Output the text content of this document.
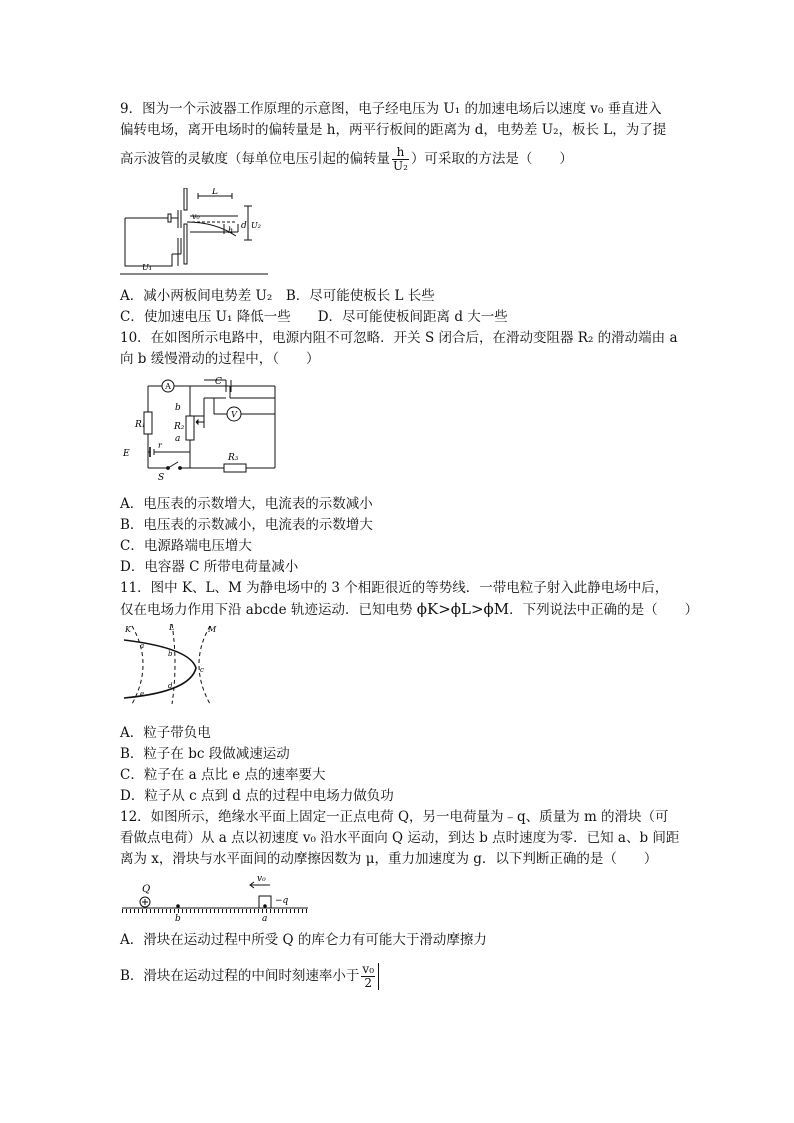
9．图为一个示波器工作原理的示意图，电子经电压为 U₁ 的加速电场后以速度 v₀ 垂直进入
偏转电场，离开电场时的偏转量是 h，两平行板间的距离为 d，电势差 U₂，板长 L，为了提
高示波管的灵敏度（每单位电压引起的偏转量 $\frac{h}{\text{U₂}}$ ）可采取的方法是（　　）
L
v₀
h d U₂
U₁
A．减小两板间电势差 U₂　 B．尽可能使板长 L 长些
C．使加速电压 U₁ 降低一些　　 D．尽可能使板间距离 d 大一些
10．在如图所示电路中，电源内阻不可忽略．开关 S 闭合后，在滑动变阻器 R₂ 的滑动端由 a
向 b 缓慢滑动的过程中，（　　）
A	C
V
b
R₁	R₂
a
E
r
R₃
S
A．电压表的示数增大，电流表的示数减小
B．电压表的示数减小，电流表的示数增大
C．电源路端电压增大
D．电容器 C 所带电荷量减小
11．图中 K、L、M 为静电场中的 3 个相距很近的等势线．一带电粒子射入此静电场中后，
仅在电场力作用下沿 abcde 轨迹运动．已知电势 ϕK>ϕL>ϕM．下列说法中正确的是（　　）
K	L	M
a
b
c
d
e
A．粒子带负电
B．粒子在 bc 段做减速运动
C．粒子在 a 点比 e 点的速率要大
D．粒子从 c 点到 d 点的过程中电场力做负功
12．如图所示，绝缘水平面上固定一正点电荷 Q，另一电荷量为﹣q、质量为 m 的滑块（可
看做点电荷）从 a 点以初速度 v₀ 沿水平面向 Q 运动，到达 b 点时速度为零．已知 a、b 间距
离为 x，滑块与水平面间的动摩擦因数为 μ，重力加速度为 g．以下判断正确的是（　　）
Q
b	a
v₀
−q
A．滑块在运动过程中所受 Q 的库仑力有可能大于滑动摩擦力
B．滑块在运动过程的中间时刻速率小于 $\frac{\text{v₀}}{2}$
